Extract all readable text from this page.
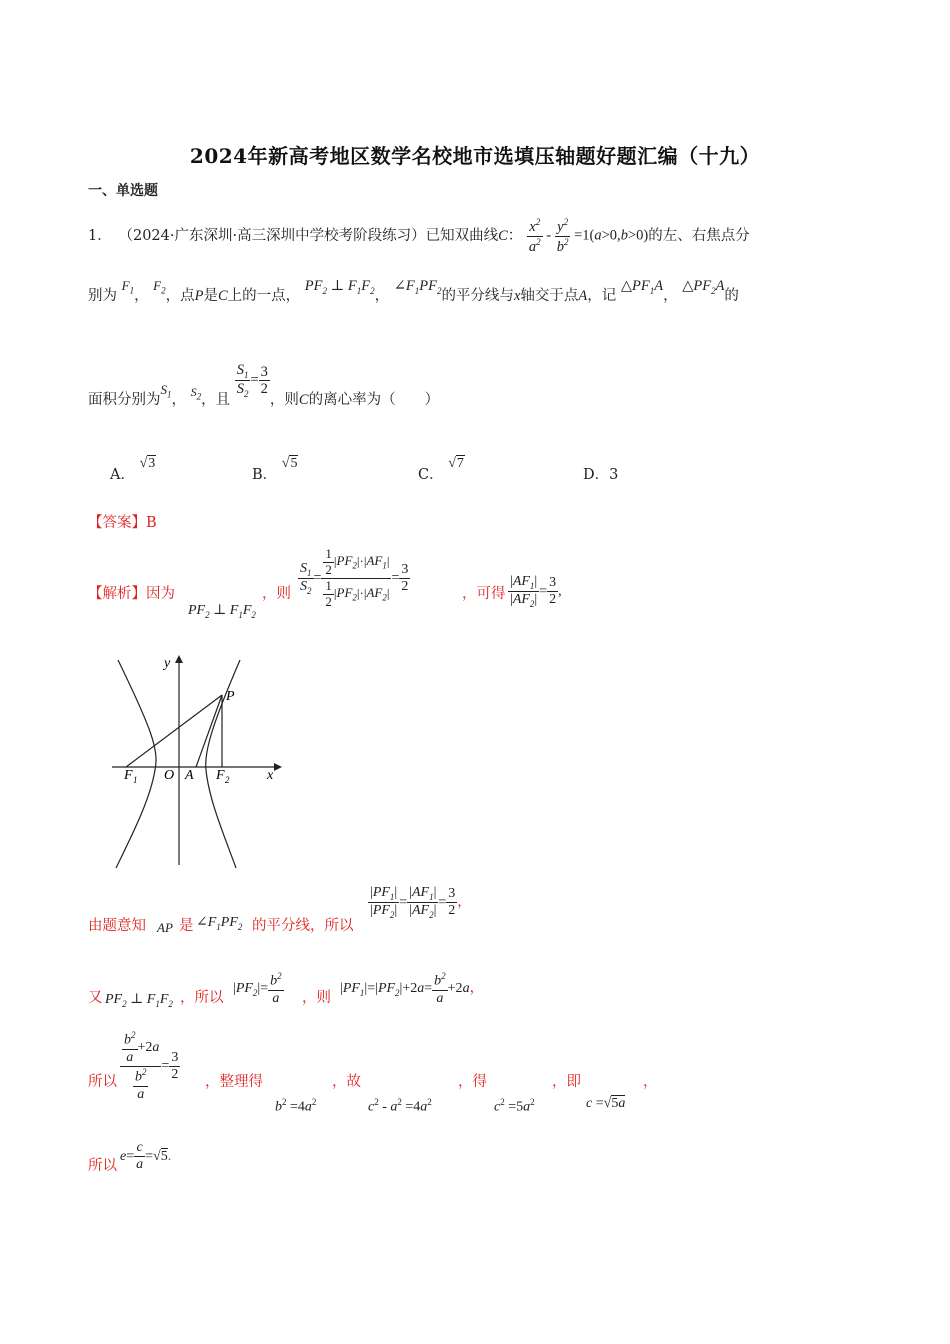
2024年新高考地区数学名校地市选填压轴题好题汇编（十九）
一、单选题
1． （2024·广东深圳·高三深圳中学校考阶段练习）已知双曲线C： $\frac{x^2}{a^2} - \frac{y^2}{b^2} =1(a>0,b>0)$的左、右焦点分
别为 $F_1$， $F_2$，点P是C上的一点， $PF_2$ ⊥ $F_1F_2$， $\angle F_1PF_2$的平分线与x轴交于点A，记 $\triangle PF_1A$， $\triangle PF_2A$的
面积分别为$S_1$， $_{S_2}$，且
$\frac{S_1}{S_2} = \frac{3}{2}$
，则C的离心率为（　　）
A． √3
B． √5
C． √7
D．3
【答案】B
【解析】因为
$PF_2$ ⊥ $F_1F_2$
，则 $\frac{S_1}{S_2} = \frac{\frac{1}{2} |PF_2|\cdot|AF_1|}{\frac{1}{2} |PF_2|\cdot|AF_2|} = \frac{3}{2}$	，可得 $\frac{|AF_1|}{|AF_2|} = \frac{3}{2}$ ,
y
x
P
F 1 O A F 2
由题意知 AP 是 $\angle F_1PF_2$ 的平分线，所以
$\frac{|PF_1|}{|PF_2|} = \frac{|AF_1|}{|AF_2|} = \frac{3}{2}$ ，
又 $PF_2$ ⊥ $F_1F_2$ ，所以
$|PF_2|= \frac{b^2}{a}$ ，则
$|PF_1|=|PF_2|+2a= \frac{b^2}{a} +2a$，
所以 $\frac{\frac{b^2}{a} +2a}{\frac{b^2}{a}} = \frac{3}{2}$ ，整理得
$b^2 =4a^2$
，故
$c^2 - a^2 =4a^2$
，得
$c^2 =5a^2$
，即
c =√5a
，
所以
$e= \frac{c}{a} =√5$.
